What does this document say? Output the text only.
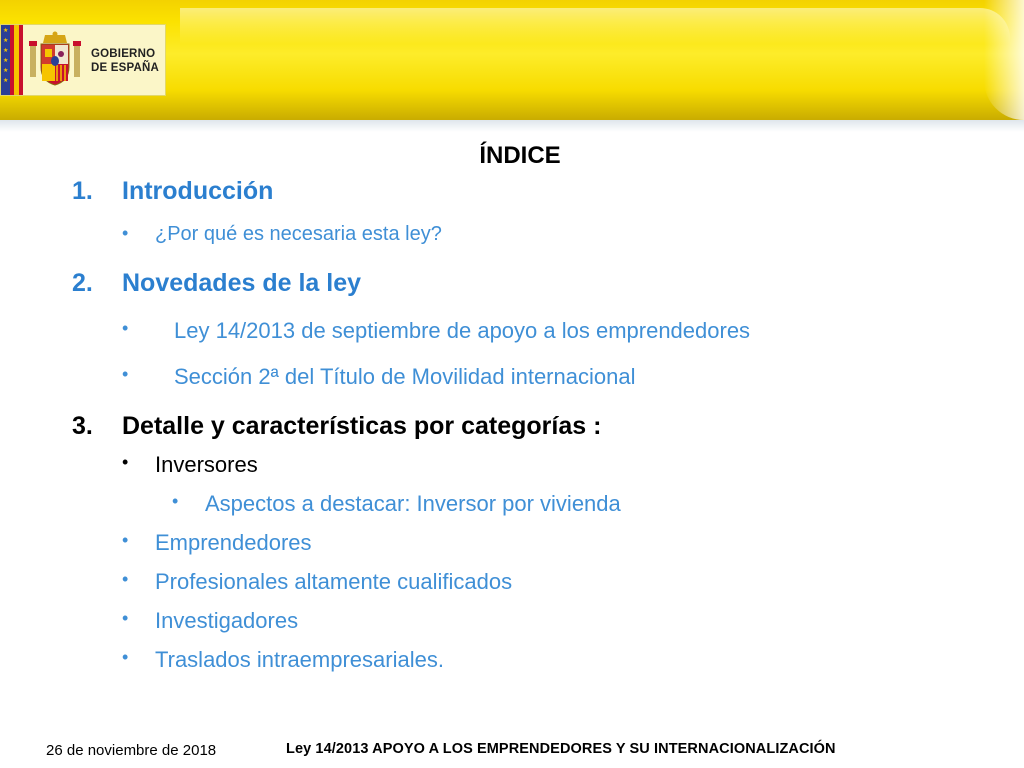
★
★
★
★
★
★
GOBIERNO
DE ESPAÑA
ÍNDICE
1. Introducción
• ¿Por qué es necesaria esta ley?
2. Novedades de la ley
• Ley 14/2013 de septiembre de apoyo a los emprendedores
• Sección 2ª del Título de Movilidad internacional
3. Detalle y características por categorías :
• Inversores
• Aspectos a destacar: Inversor por vivienda
• Emprendedores
• Profesionales altamente cualificados
• Investigadores
• Traslados intraempresariales.
26 de noviembre de 2018	Ley 14/2013 APOYO A LOS EMPRENDEDORES Y SU INTERNACIONALIZACIÓN
